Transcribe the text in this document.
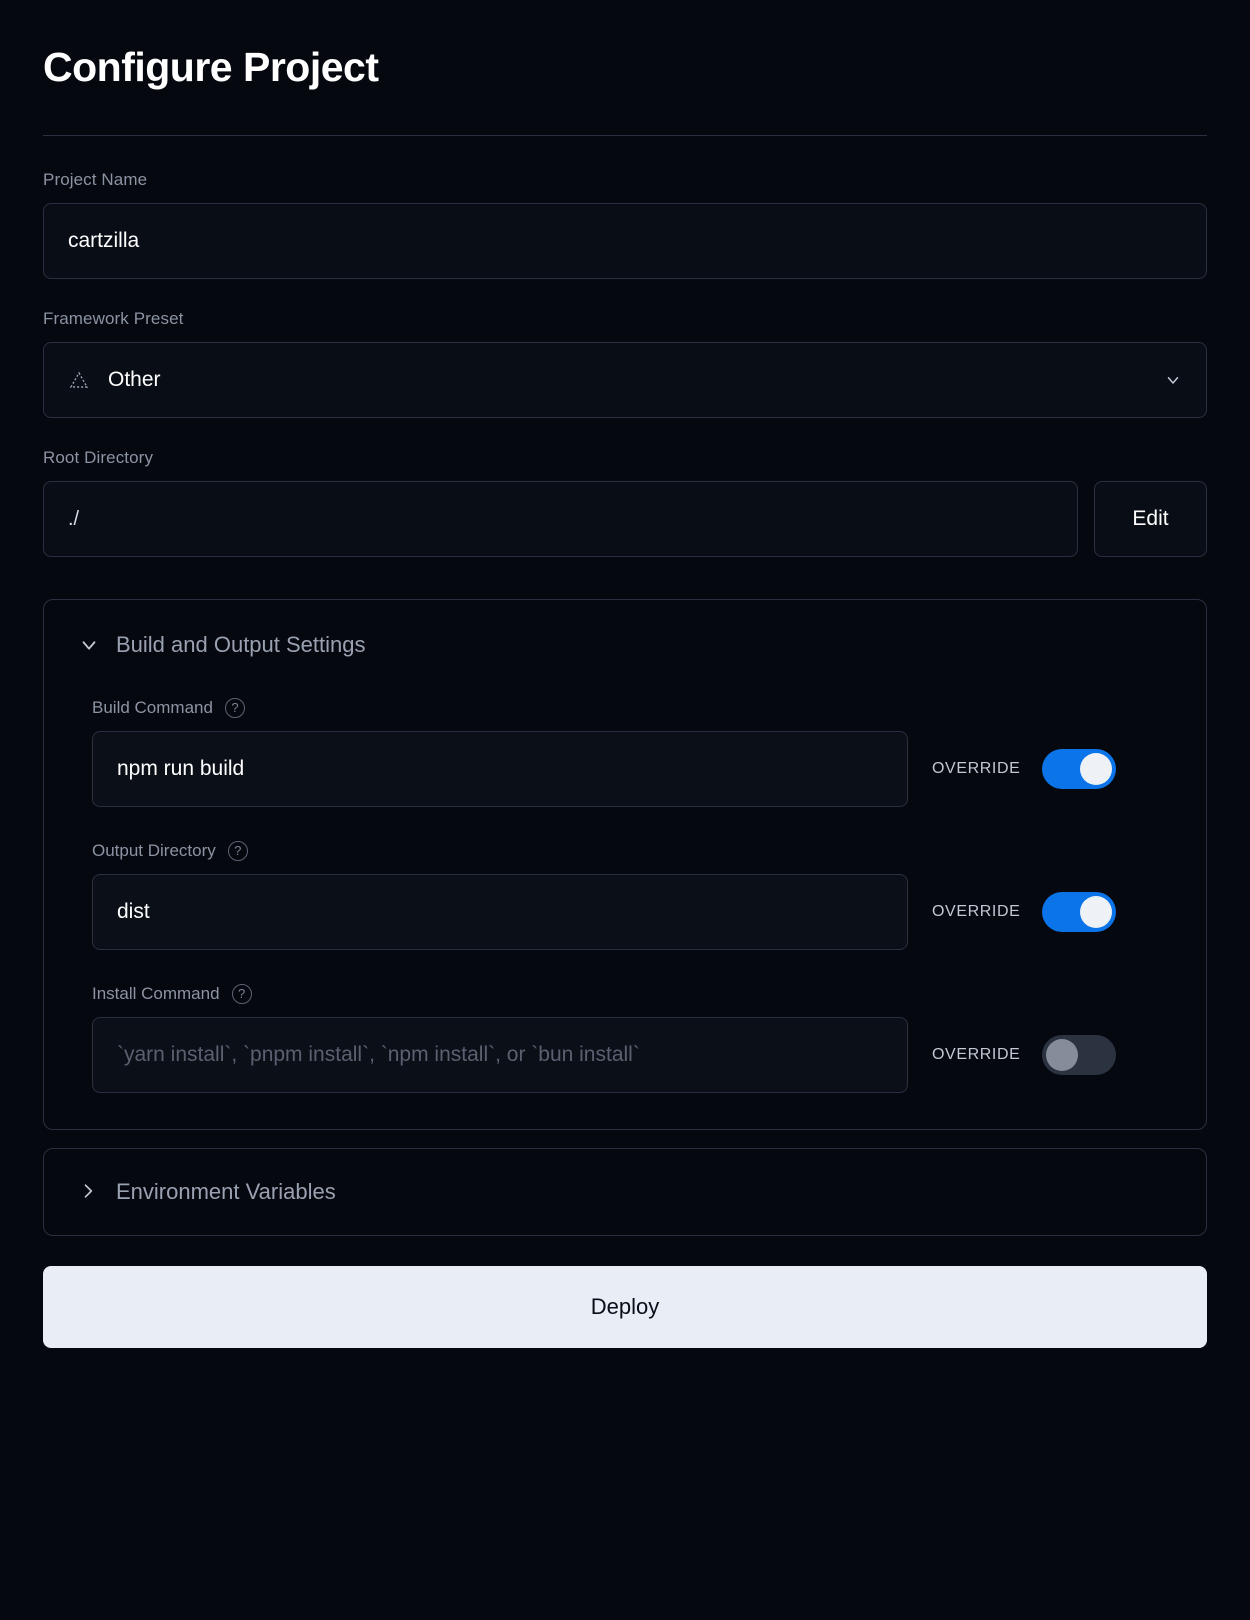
Configure Project
Project Name
cartzilla
Framework Preset
Other
Root Directory
./
Edit
Build and Output Settings
Build Command	?
npm run build
OVERRIDE
Output Directory	?
dist
OVERRIDE
Install Command	?
`yarn install`, `pnpm install`, `npm install`, or `bun install`
OVERRIDE
Environment Variables
Deploy
